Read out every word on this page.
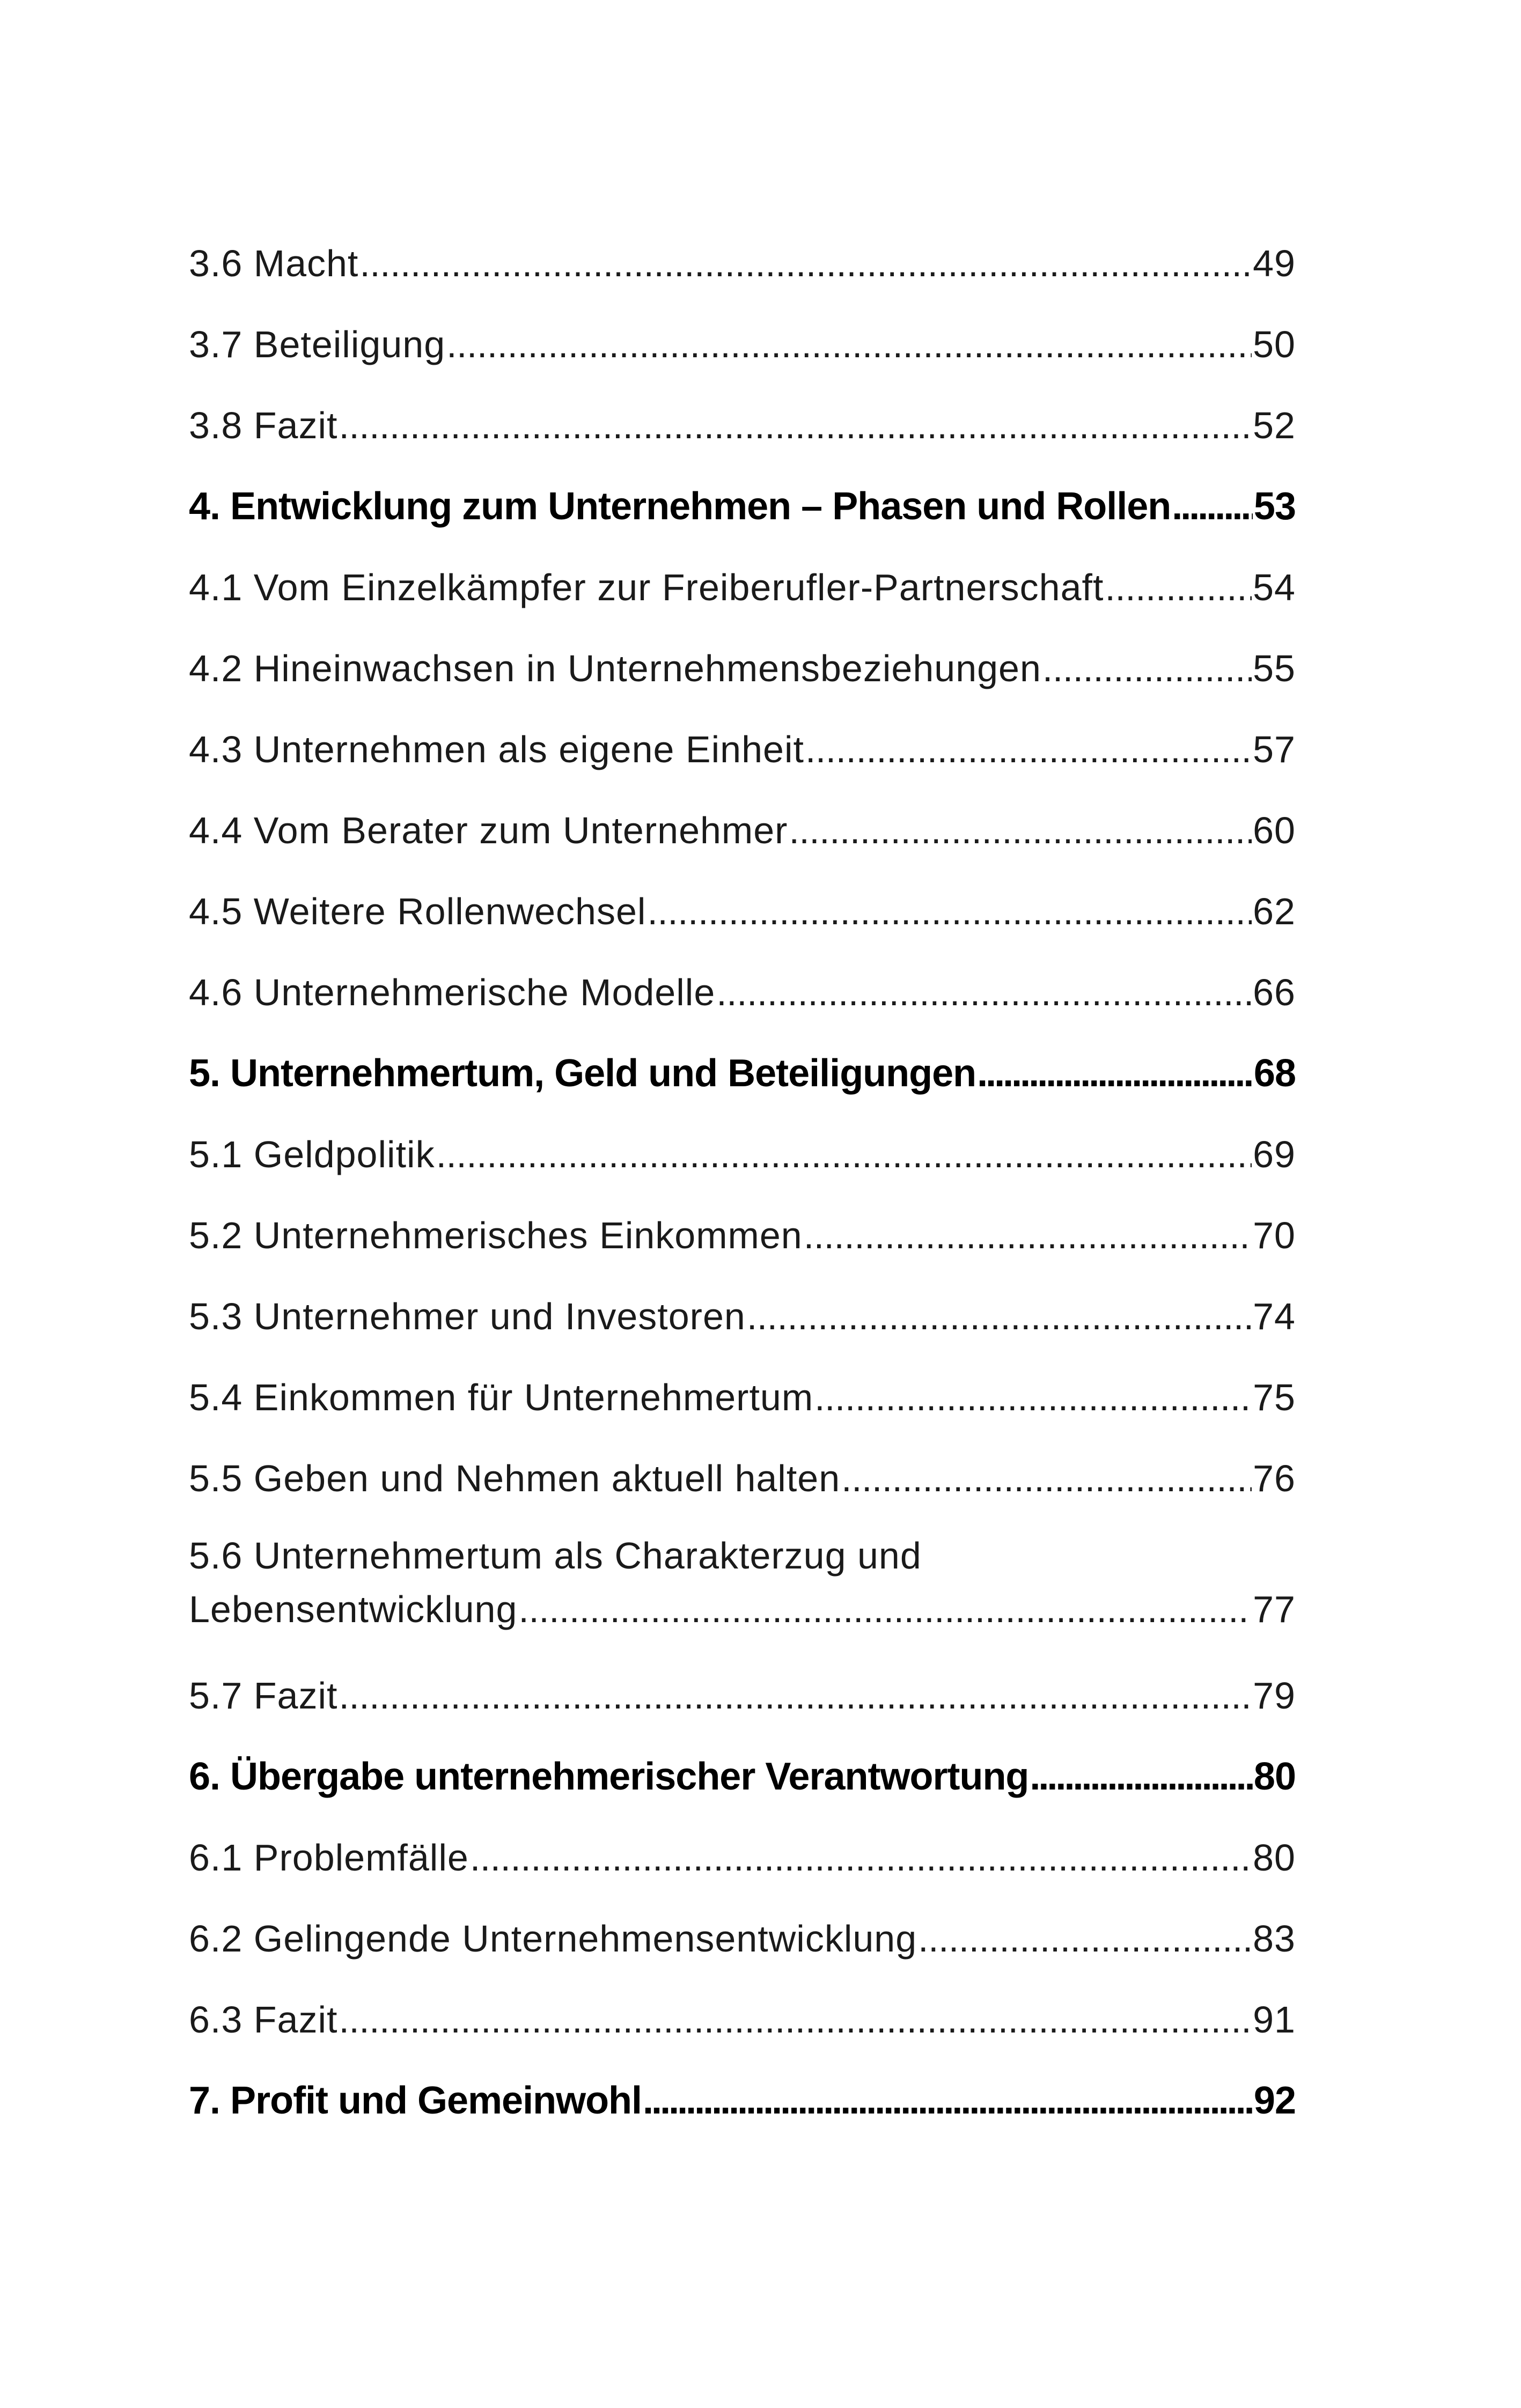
3.6 Macht . . .	49
3.7 Beteiligung . . .	50
3.8 Fazit . . .	52
4. Entwicklung zum Unternehmen – Phasen und Rollen . . . 53
4.1 Vom Einzelkämpfer zur Freiberufler-Partnerschaft . . .	54
4.2 Hineinwachsen in Unternehmensbeziehungen . . .	55
4.3 Unternehmen als eigene Einheit . . .	57
4.4 Vom Berater zum Unternehmer . . .	60
4.5 Weitere Rollenwechsel . . .	62
4.6 Unternehmerische Modelle . . .	66
5. Unternehmertum, Geld und Beteiligungen . . .	68
5.1 Geldpolitik . . .	69
5.2 Unternehmerisches Einkommen . . .	70
5.3 Unternehmer und Investoren . . .	74
5.4 Einkommen für Unternehmertum . . .	75
5.5 Geben und Nehmen aktuell halten . . .	76
5.6 Unternehmertum als Charakterzug und
Lebensentwicklung . . .	77
5.7 Fazit . . .	79
6. Übergabe unternehmerischer Verantwortung . . .	80
6.1 Problemfälle . . .	80
6.2 Gelingende Unternehmensentwicklung . . .	83
6.3 Fazit . . .	91
7. Profit und Gemeinwohl . . .	92
